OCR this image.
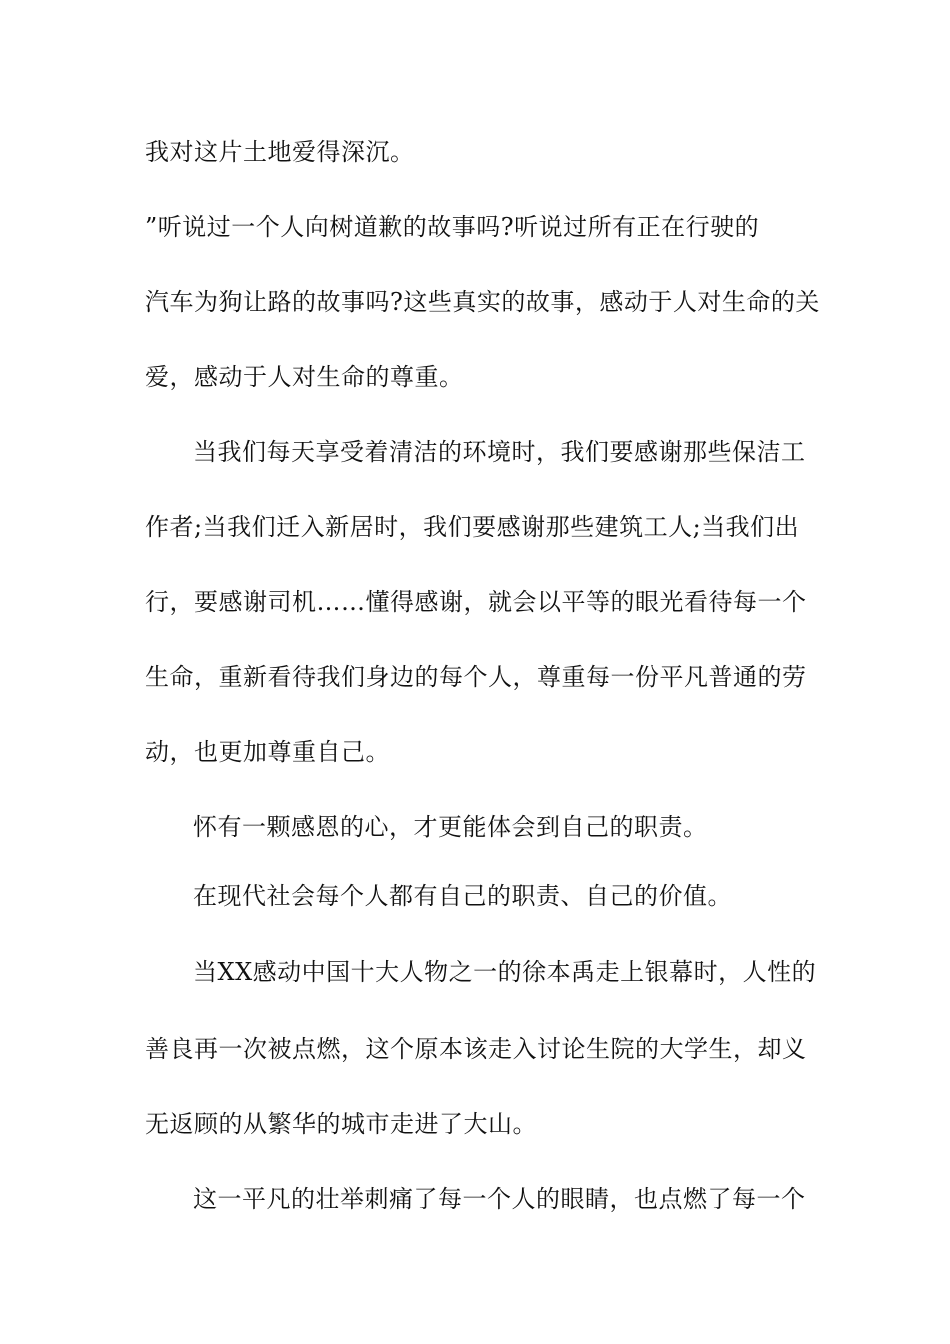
我对这片土地爱得深沉。
”听说过一个人向树道歉的故事吗?听说过所有正在行驶的
汽车为狗让路的故事吗?这些真实的故事，感动于人对生命的关
爱，感动于人对生命的尊重。
当我们每天享受着清洁的环境时，我们要感谢那些保洁工
作者;当我们迁入新居时，我们要感谢那些建筑工人;当我们出
行，要感谢司机……懂得感谢，就会以平等的眼光看待每一个
生命，重新看待我们身边的每个人，尊重每一份平凡普通的劳
动，也更加尊重自己。
怀有一颗感恩的心，才更能体会到自己的职责。
在现代社会每个人都有自己的职责、自己的价值。
当XX感动中国十大人物之一的徐本禹走上银幕时，人性的
善良再一次被点燃，这个原本该走入讨论生院的大学生，却义
无返顾的从繁华的城市走进了大山。
这一平凡的壮举刺痛了每一个人的眼睛，也点燃了每一个
